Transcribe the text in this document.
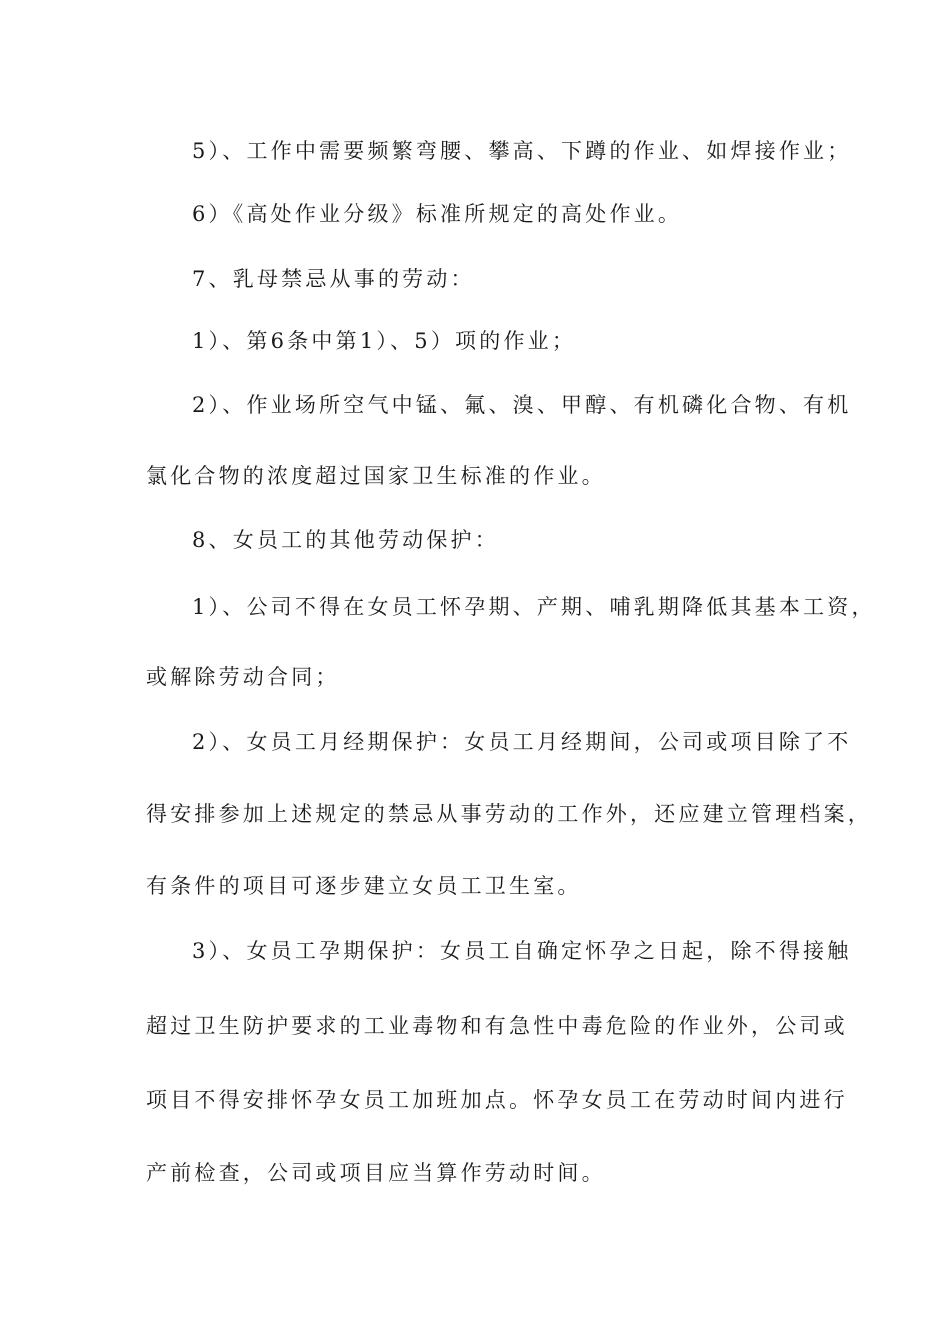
5）、工作中需要频繁弯腰、攀高、下蹲的作业、如焊接作业；
6）《高处作业分级》标准所规定的高处作业。
7、乳母禁忌从事的劳动：
1）、第6条中第1）、5）项的作业；
2）、作业场所空气中锰、氟、溴、甲醇、有机磷化合物、有机
氯化合物的浓度超过国家卫生标准的作业。
8、女员工的其他劳动保护：
1）、公司不得在女员工怀孕期、产期、哺乳期降低其基本工资，
或解除劳动合同；
2）、女员工月经期保护：女员工月经期间，公司或项目除了不
得安排参加上述规定的禁忌从事劳动的工作外，还应建立管理档案，
有条件的项目可逐步建立女员工卫生室。
3）、女员工孕期保护：女员工自确定怀孕之日起，除不得接触
超过卫生防护要求的工业毒物和有急性中毒危险的作业外，公司或
项目不得安排怀孕女员工加班加点。怀孕女员工在劳动时间内进行
产前检查，公司或项目应当算作劳动时间。
